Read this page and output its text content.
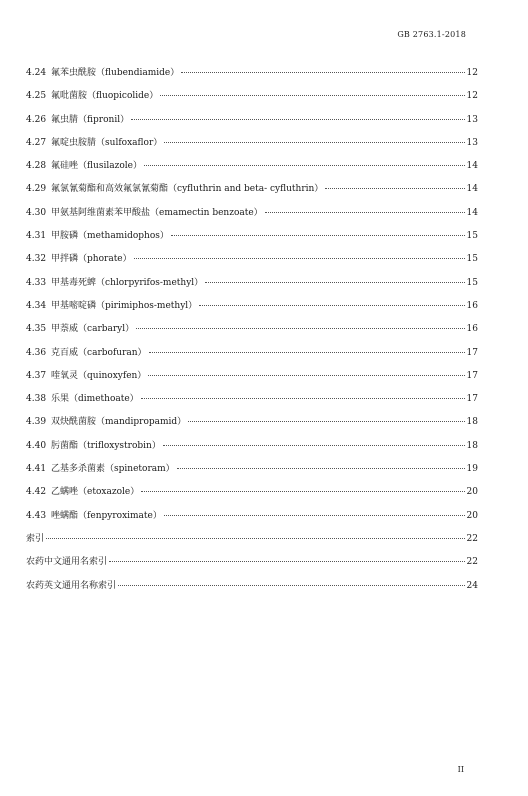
GB 2763.1-2018
4.24 氟苯虫酰胺（flubendiamide）	12
4.25 氟吡菌胺（fluopicolide）	12
4.26 氟虫腈（fipronil）	13
4.27 氟啶虫胺腈（sulfoxaflor）	13
4.28 氟硅唑（flusilazole）	14
4.29 氟氯氰菊酯和高效氟氯氰菊酯（cyfluthrin and beta- cyfluthrin）	14
4.30 甲氨基阿维菌素苯甲酸盐（emamectin benzoate）	14
4.31 甲胺磷（methamidophos）	15
4.32 甲拌磷（phorate）	15
4.33 甲基毒死蜱（chlorpyrifos-methyl）	15
4.34 甲基嘧啶磷（pirimiphos-methyl）	16
4.35 甲萘威（carbaryl）	16
4.36 克百威（carbofuran）	17
4.37 喹氧灵（quinoxyfen）	17
4.38 乐果（dimethoate）	17
4.39 双炔酰菌胺（mandipropamid）	18
4.40 肟菌酯（trifloxystrobin）	18
4.41 乙基多杀菌素（spinetoram）	19
4.42 乙螨唑（etoxazole）	20
4.43 唑螨酯（fenpyroximate）	20
索引	22
农药中文通用名索引	22
农药英文通用名称索引	24
II
